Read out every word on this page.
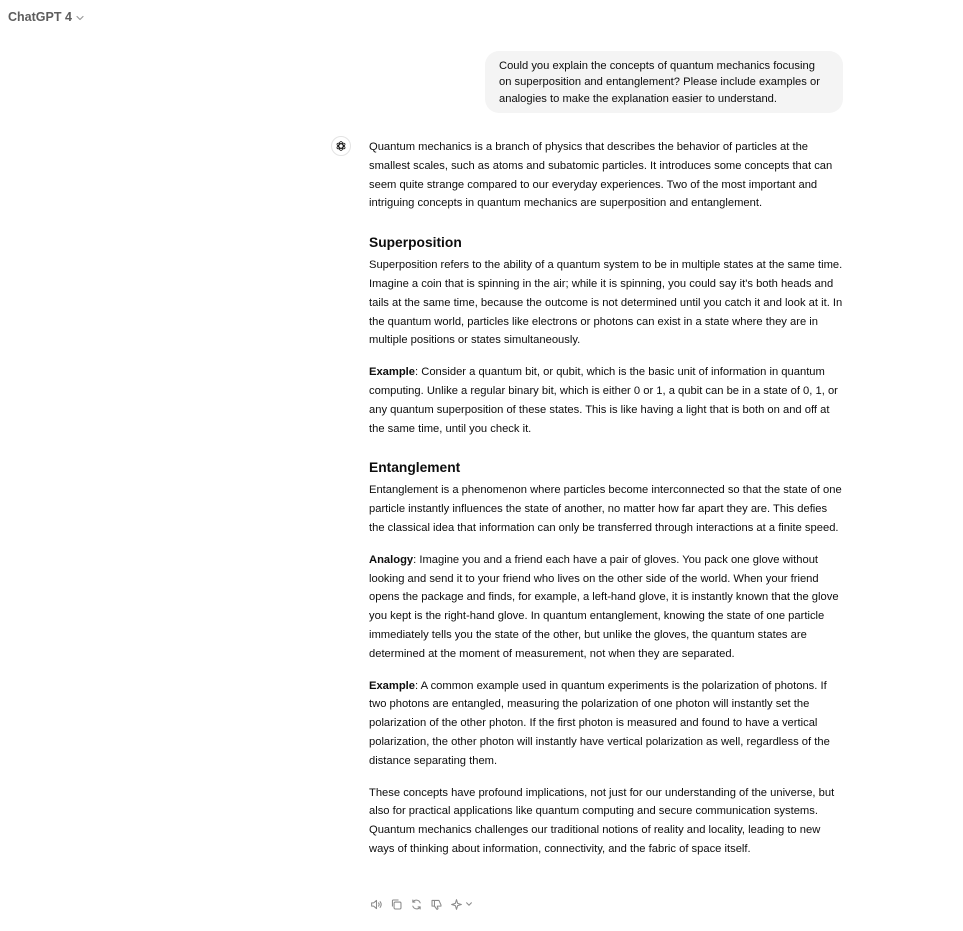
ChatGPT 4
Could you explain the concepts of quantum mechanics focusing on superposition and entanglement? Please include examples or analogies to make the explanation easier to understand.

Quantum mechanics is a branch of physics that describes the behavior of particles at the smallest scales, such as atoms and subatomic particles. It introduces some concepts that can seem quite strange compared to our everyday experiences. Two of the most important and intriguing concepts in quantum mechanics are superposition and entanglement.

Superposition

Superposition refers to the ability of a quantum system to be in multiple states at the same time. Imagine a coin that is spinning in the air; while it is spinning, you could say it's both heads and tails at the same time, because the outcome is not determined until you catch it and look at it. In the quantum world, particles like electrons or photons can exist in a state where they are in multiple positions or states simultaneously.

Example: Consider a quantum bit, or qubit, which is the basic unit of information in quantum computing. Unlike a regular binary bit, which is either 0 or 1, a qubit can be in a state of 0, 1, or any quantum superposition of these states. This is like having a light that is both on and off at the same time, until you check it.

Entanglement

Entanglement is a phenomenon where particles become interconnected so that the state of one particle instantly influences the state of another, no matter how far apart they are. This defies the classical idea that information can only be transferred through interactions at a finite speed.

Analogy: Imagine you and a friend each have a pair of gloves. You pack one glove without looking and send it to your friend who lives on the other side of the world. When your friend opens the package and finds, for example, a left-hand glove, it is instantly known that the glove you kept is the right-hand glove. In quantum entanglement, knowing the state of one particle immediately tells you the state of the other, but unlike the gloves, the quantum states are determined at the moment of measurement, not when they are separated.

Example: A common example used in quantum experiments is the polarization of photons. If two photons are entangled, measuring the polarization of one photon will instantly set the polarization of the other photon. If the first photon is measured and found to have a vertical polarization, the other photon will instantly have vertical polarization as well, regardless of the distance separating them.

These concepts have profound implications, not just for our understanding of the universe, but also for practical applications like quantum computing and secure communication systems. Quantum mechanics challenges our traditional notions of reality and locality, leading to new ways of thinking about information, connectivity, and the fabric of space itself.
